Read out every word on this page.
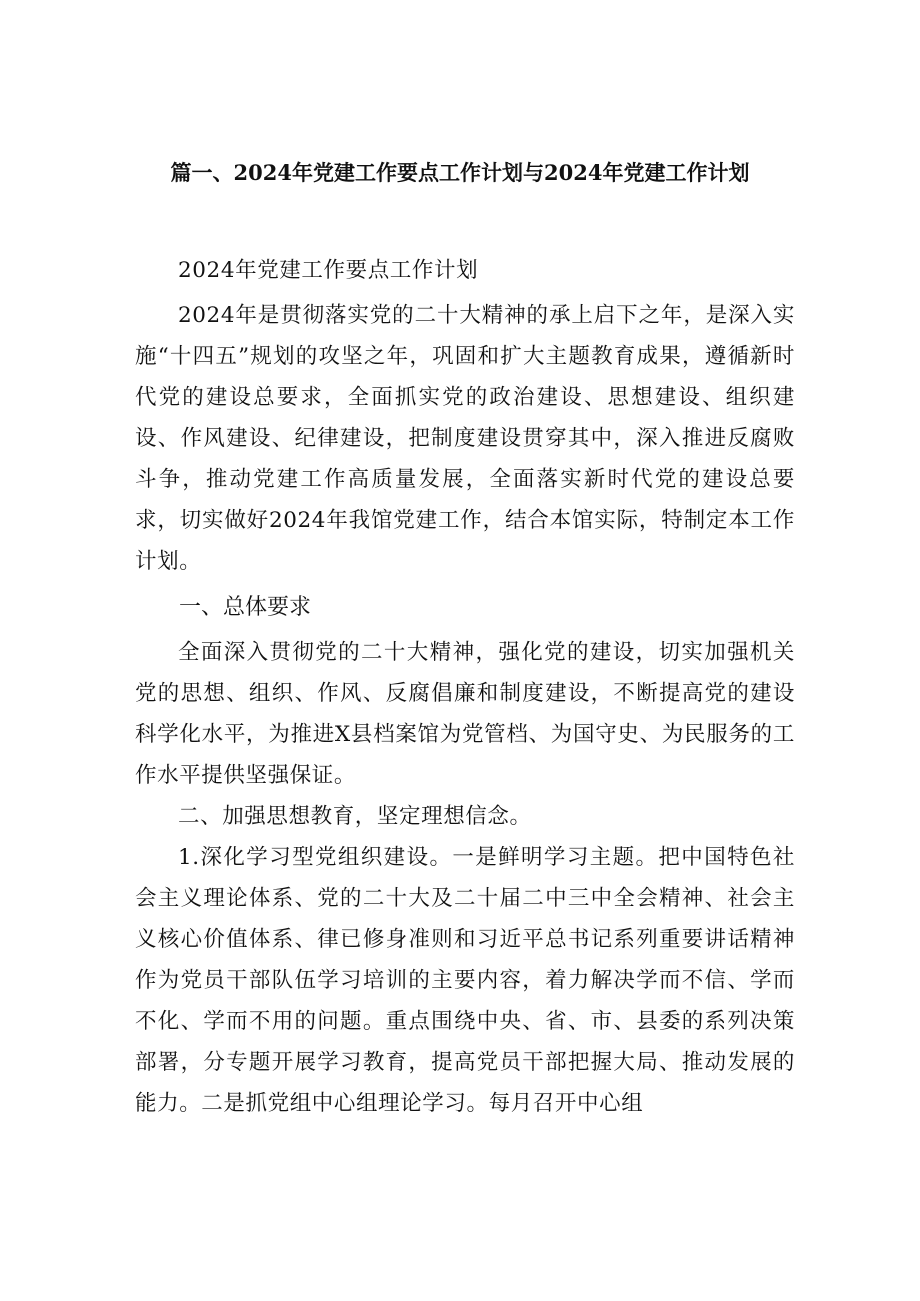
篇一、2024年党建工作要点工作计划与2024年党建工作计划

2024年党建工作要点工作计划

2024年是贯彻落实党的二十大精神的承上启下之年，是深入实施“十四五”规划的攻坚之年，巩固和扩大主题教育成果，遵循新时代党的建设总要求，全面抓实党的政治建设、思想建设、组织建设、作风建设、纪律建设，把制度建设贯穿其中，深入推进反腐败斗争，推动党建工作高质量发展，全面落实新时代党的建设总要求，切实做好2024年我馆党建工作，结合本馆实际，特制定本工作计划。

一、总体要求

全面深入贯彻党的二十大精神，强化党的建设，切实加强机关党的思想、组织、作风、反腐倡廉和制度建设，不断提高党的建设科学化水平，为推进X县档案馆为党管档、为国守史、为民服务的工作水平提供坚强保证。

二、加强思想教育，坚定理想信念。

1.深化学习型党组织建设。一是鲜明学习主题。把中国特色社会主义理论体系、党的二十大及二十届二中三中全会精神、社会主义核心价值体系、律已修身准则和习近平总书记系列重要讲话精神作为党员干部队伍学习培训的主要内容，着力解决学而不信、学而不化、学而不用的问题。重点围绕中央、省、市、县委的系列决策部署，分专题开展学习教育，提高党员干部把握大局、推动发展的能力。二是抓党组中心组理论学习。每月召开中心组
